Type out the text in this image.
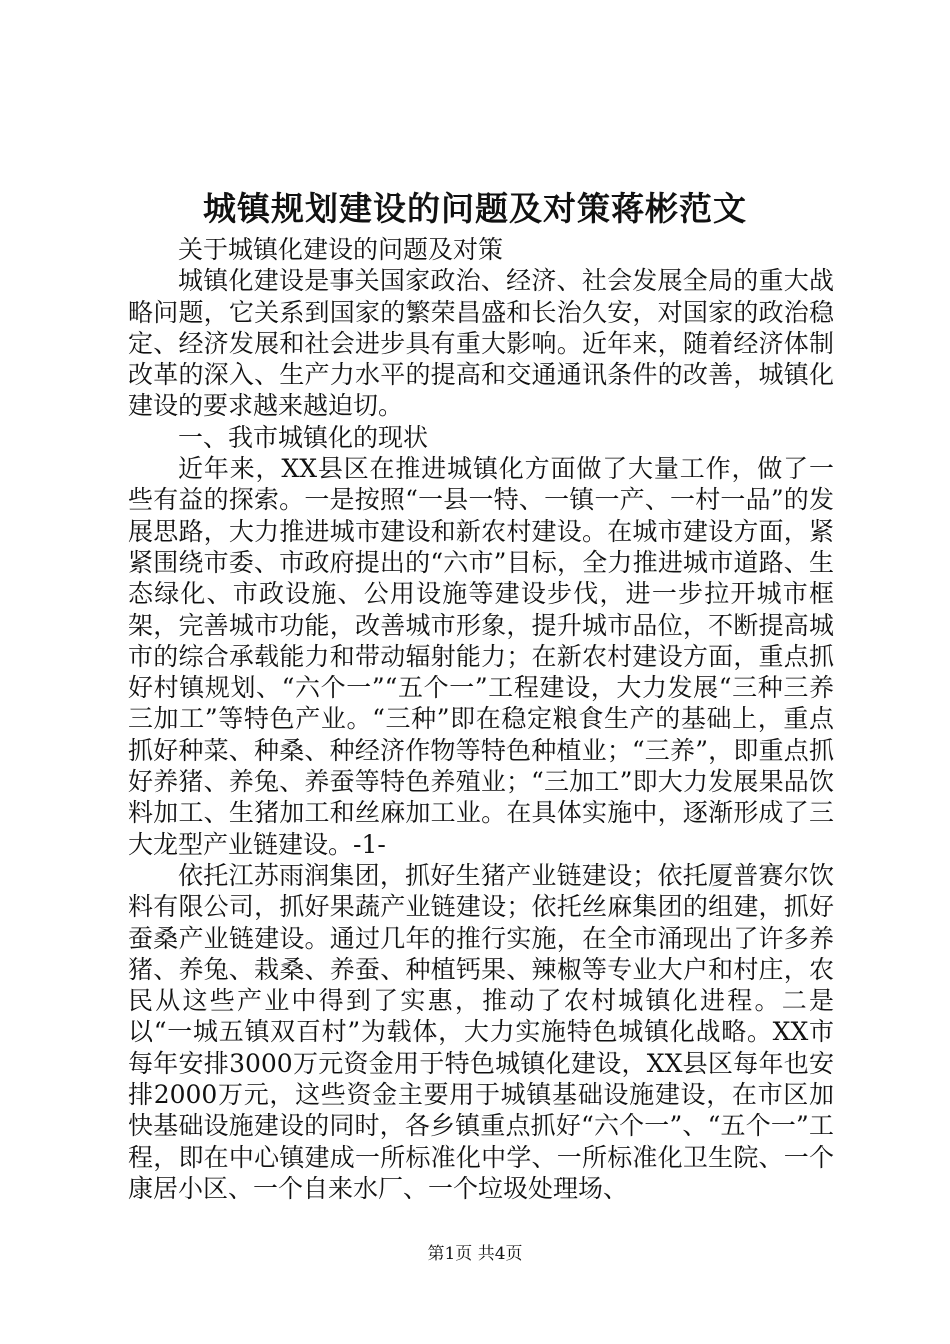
城镇规划建设的问题及对策蒋彬范文

关于城镇化建设的问题及对策

城镇化建设是事关国家政治、经济、社会发展全局的重大战略问题，它关系到国家的繁荣昌盛和长治久安，对国家的政治稳定、经济发展和社会进步具有重大影响。近年来，随着经济体制改革的深入、生产力水平的提高和交通通讯条件的改善，城镇化建设的要求越来越迫切。

一、我市城镇化的现状

近年来，XX县区在推进城镇化方面做了大量工作，做了一些有益的探索。一是按照“一县一特、一镇一产、一村一品”的发展思路，大力推进城市建设和新农村建设。在城市建设方面，紧紧围绕市委、市政府提出的“六市”目标，全力推进城市道路、生态绿化、市政设施、公用设施等建设步伐，进一步拉开城市框架，完善城市功能，改善城市形象，提升城市品位，不断提高城市的综合承载能力和带动辐射能力；在新农村建设方面，重点抓好村镇规划、“六个一”“五个一”工程建设，大力发展“三种三养三加工”等特色产业。“三种”即在稳定粮食生产的基础上，重点抓好种菜、种桑、种经济作物等特色种植业；“三养”，即重点抓好养猪、养兔、养蚕等特色养殖业；“三加工”即大力发展果品饮料加工、生猪加工和丝麻加工业。在具体实施中，逐渐形成了三大龙型产业链建设。-1-

依托江苏雨润集团，抓好生猪产业链建设；依托厦普赛尔饮料有限公司，抓好果蔬产业链建设；依托丝麻集团的组建，抓好蚕桑产业链建设。通过几年的推行实施，在全市涌现出了许多养猪、养兔、栽桑、养蚕、种植钙果、辣椒等专业大户和村庄，农民从这些产业中得到了实惠，推动了农村城镇化进程。二是以“一城五镇双百村”为载体，大力实施特色城镇化战略。XX市每年安排3000万元资金用于特色城镇化建设，XX县区每年也安排2000万元，这些资金主要用于城镇基础设施建设，在市区加快基础设施建设的同时，各乡镇重点抓好“六个一”、“五个一”工程，即在中心镇建成一所标准化中学、一所标准化卫生院、一个康居小区、一个自来水厂、一个垃圾处理场、

第1页 共4页
